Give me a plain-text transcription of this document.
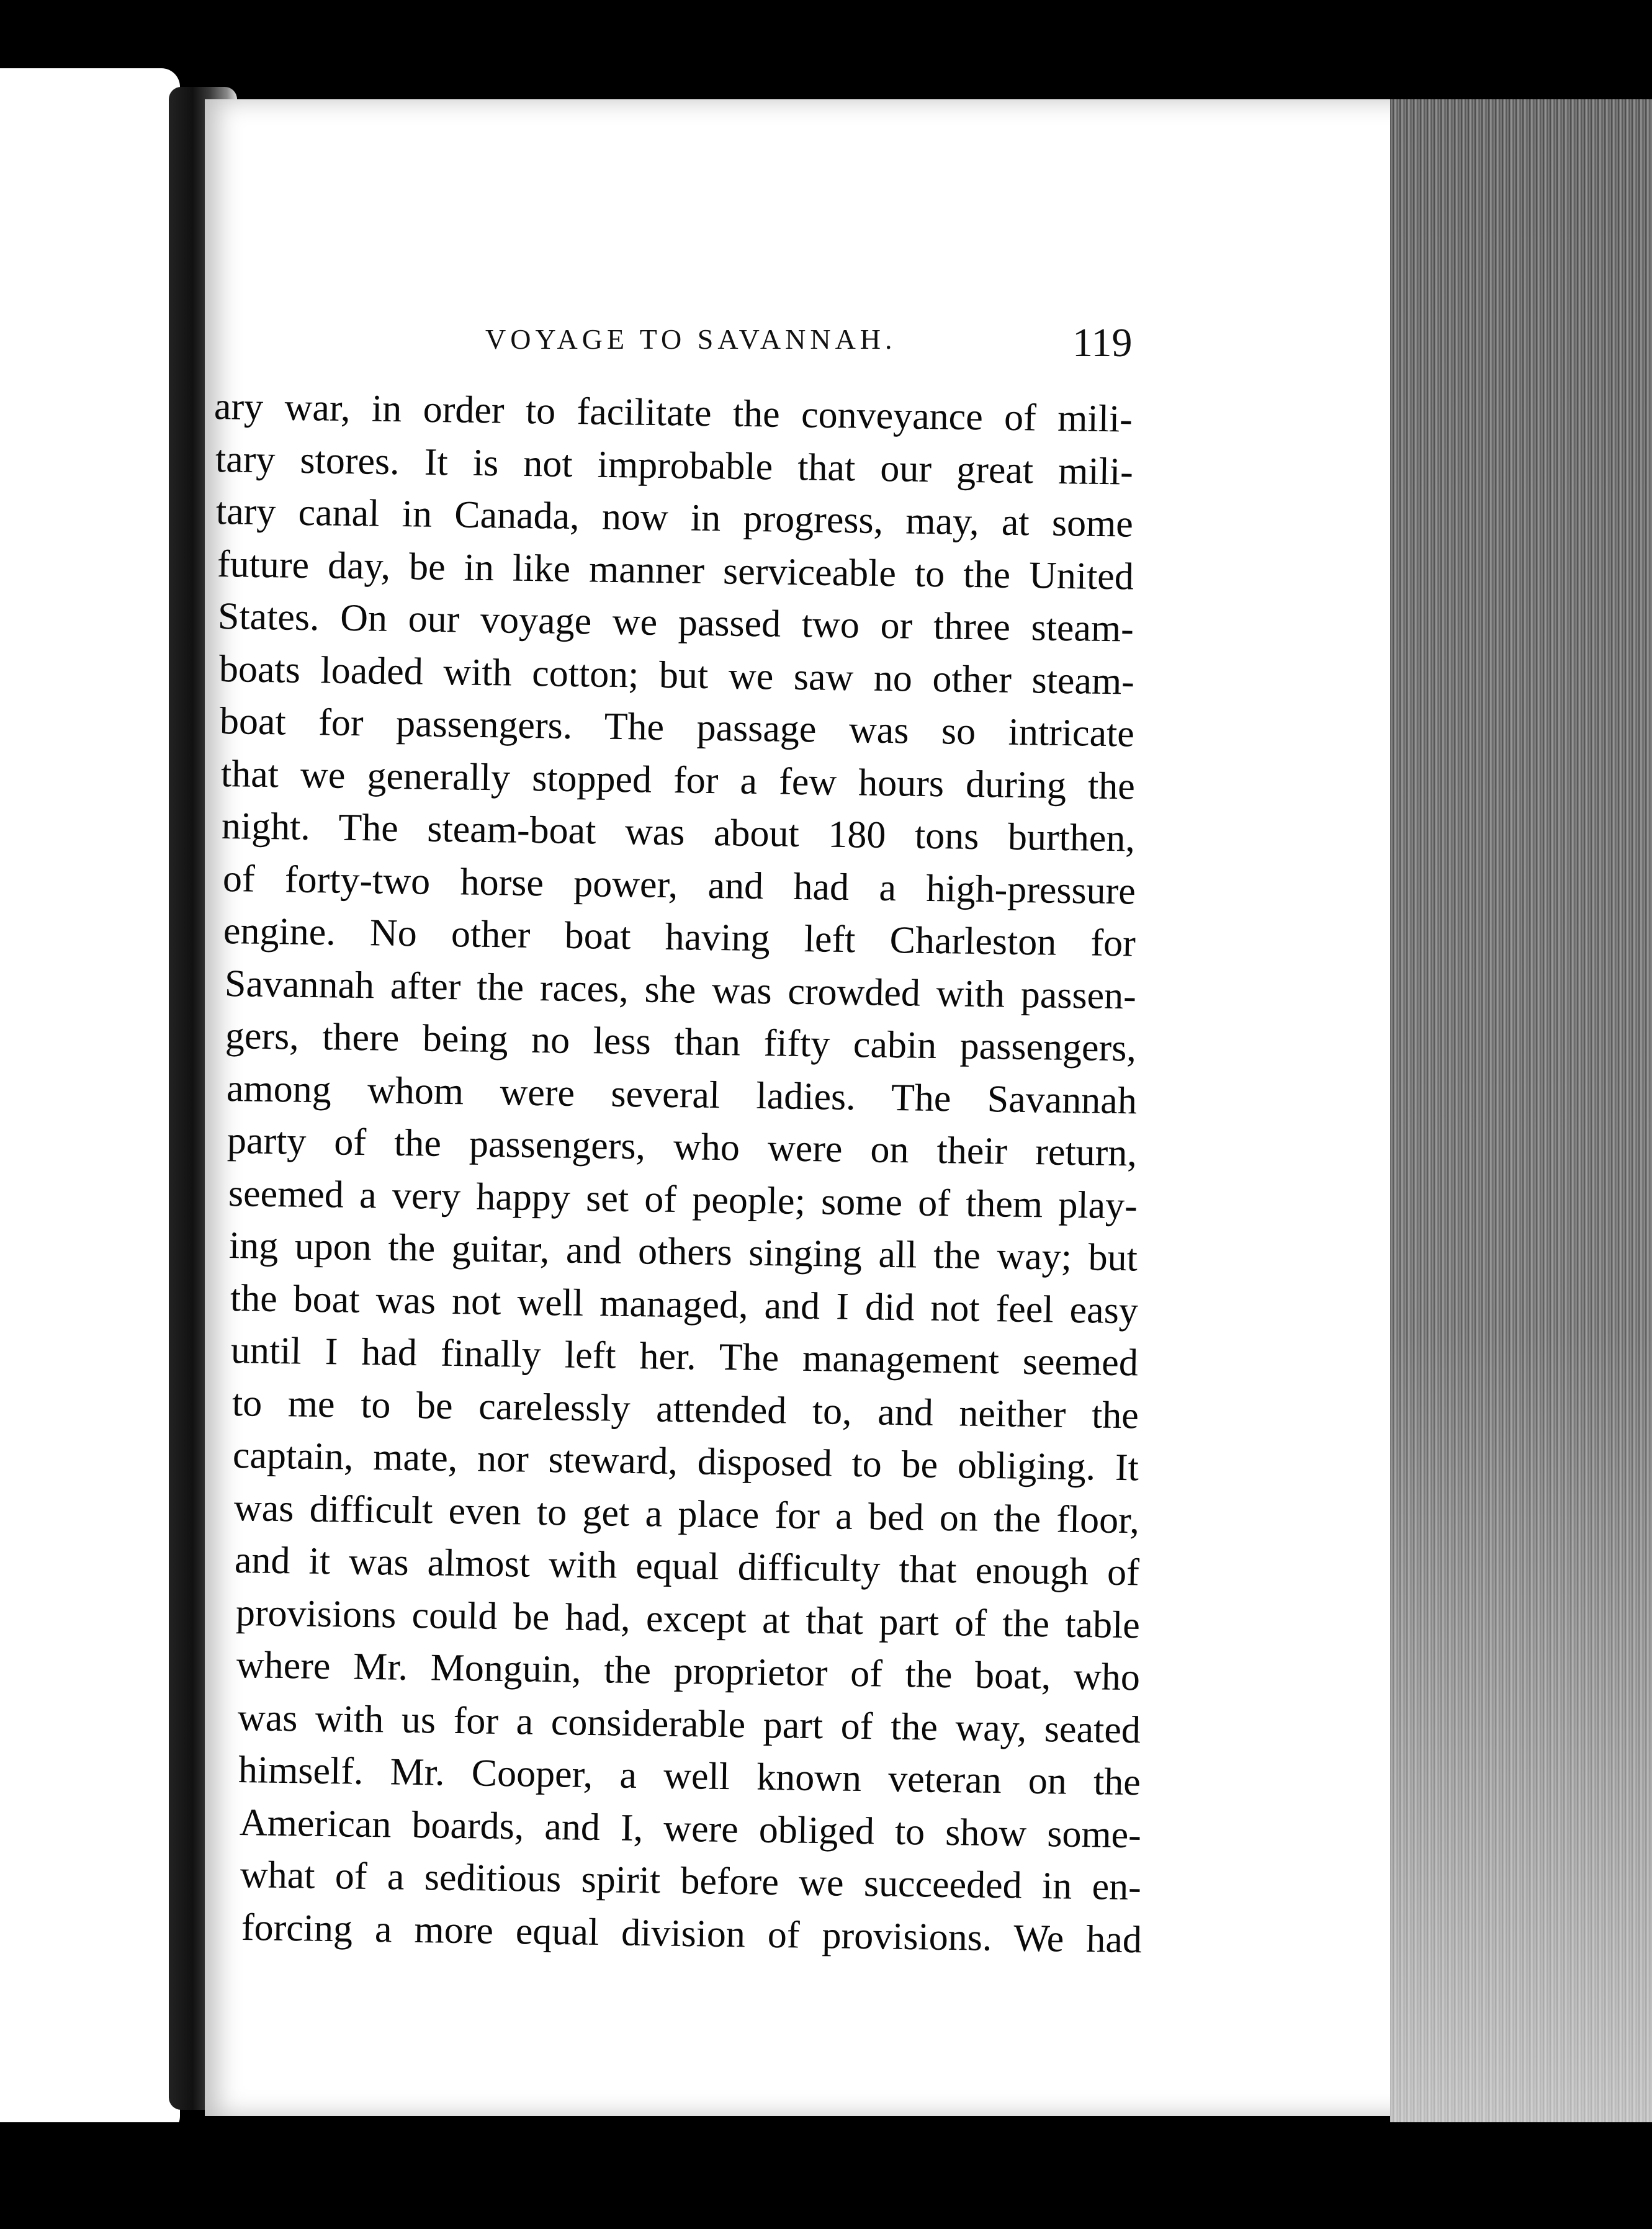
VOYAGE TO SAVANNAH.	119
ary war, in order to facilitate the conveyance of mili-
tary stores. It is not improbable that our great mili-
tary canal in Canada, now in progress, may, at some
future day, be in like manner serviceable to the United
States. On our voyage we passed two or three steam-
boats loaded with cotton; but we saw no other steam-
boat for passengers. The passage was so intricate
that we generally stopped for a few hours during the
night. The steam-boat was about 180 tons burthen,
of forty-two horse power, and had a high-pressure
engine. No other boat having left Charleston for
Savannah after the races, she was crowded with passen-
gers, there being no less than fifty cabin passengers,
among whom were several ladies. The Savannah
party of the passengers, who were on their return,
seemed a very happy set of people; some of them play-
ing upon the guitar, and others singing all the way; but
the boat was not well managed, and I did not feel easy
until I had finally left her. The management seemed
to me to be carelessly attended to, and neither the
captain, mate, nor steward, disposed to be obliging. It
was difficult even to get a place for a bed on the floor,
and it was almost with equal difficulty that enough of
provisions could be had, except at that part of the table
where Mr. Monguin, the proprietor of the boat, who
was with us for a considerable part of the way, seated
himself. Mr. Cooper, a well known veteran on the
American boards, and I, were obliged to show some-
what of a seditious spirit before we succeeded in en-
forcing a more equal division of provisions. We had
